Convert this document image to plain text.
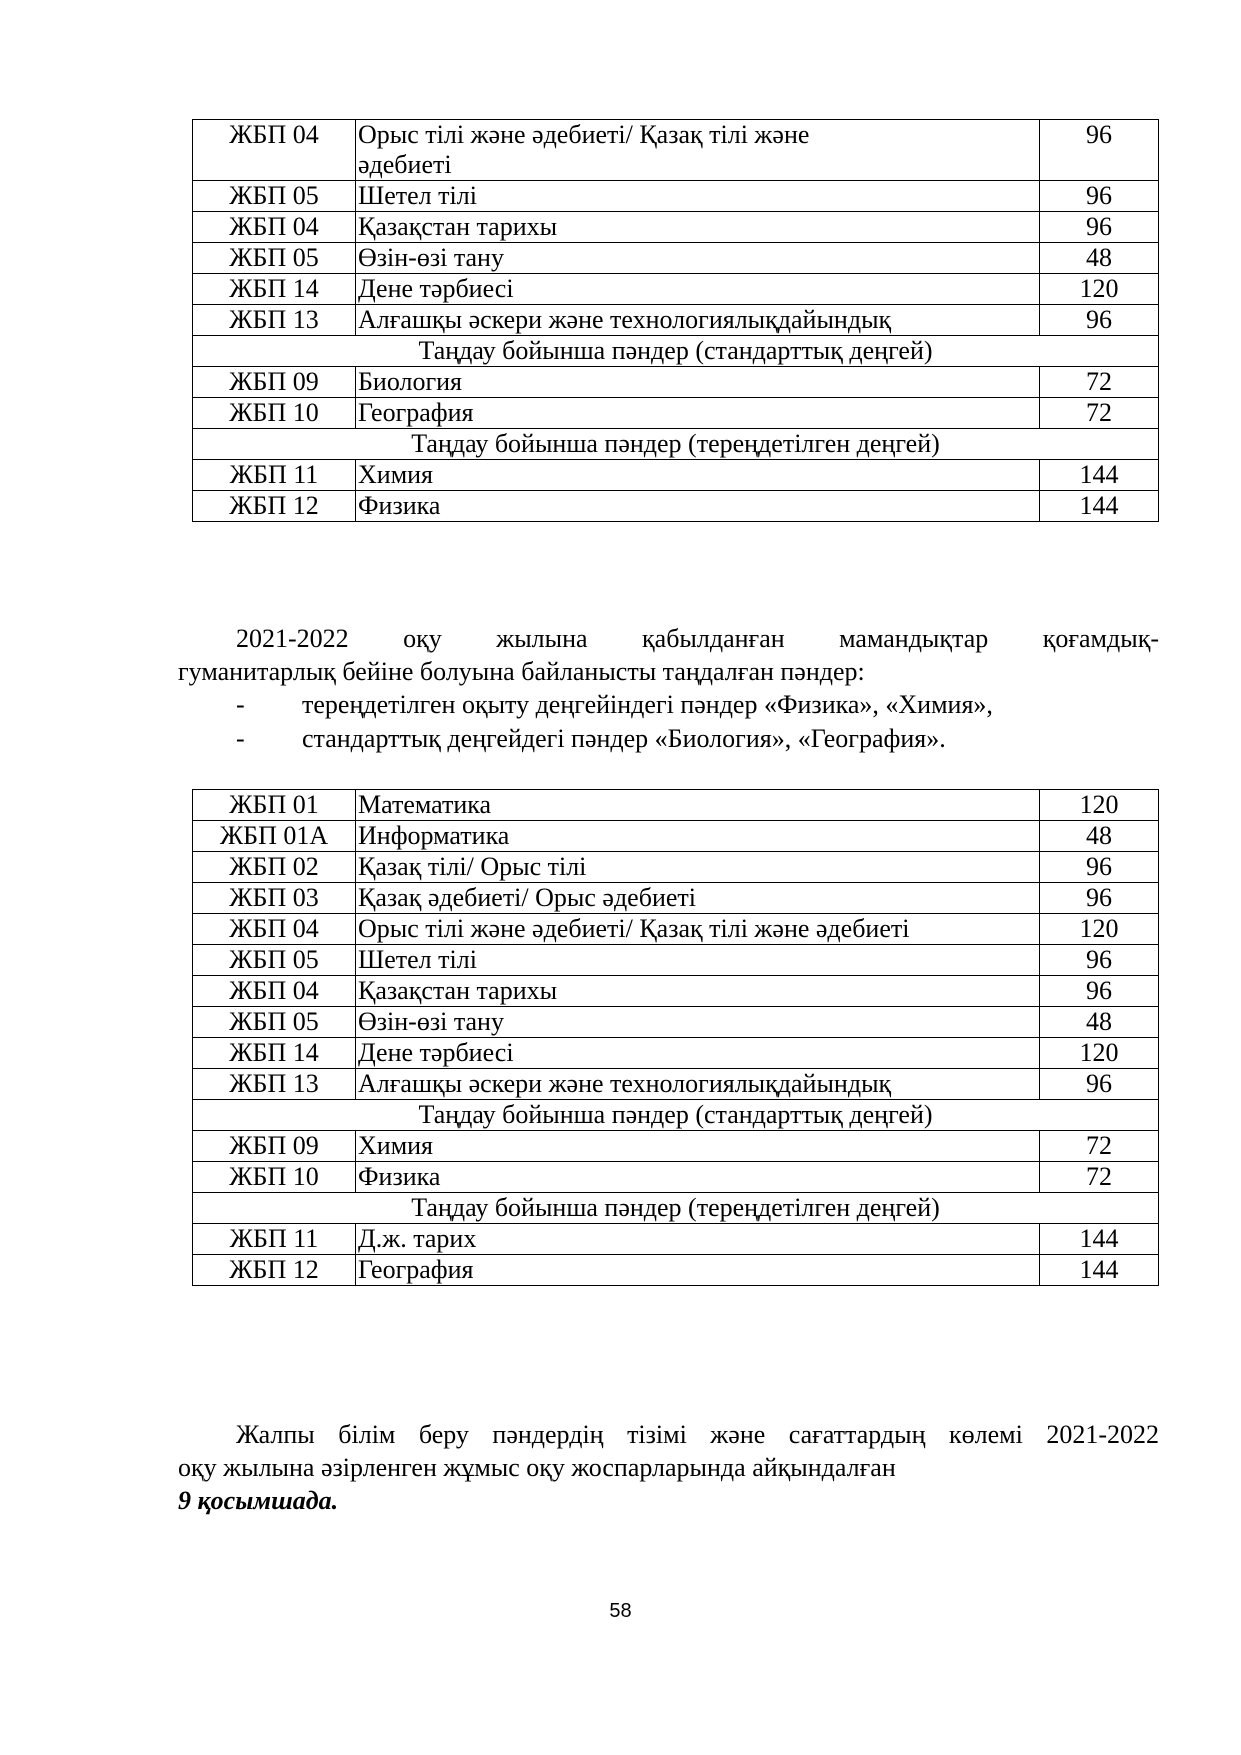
ЖБП 04	Орыс тілі және әдебиеті/ Қазақ тілі және әдебиеті	96
ЖБП 05	Шетел тілі	96
ЖБП 04	Қазақстан тарихы	96
ЖБП 05	Өзін-өзі тану	48
ЖБП 14	Дене тәрбиесі	120
ЖБП 13	Алғашқы әскери және технологиялықдайындық	96
Таңдау бойынша пәндер (стандарттық деңгей)		
ЖБП 09	Биология	72
ЖБП 10	География	72
Таңдау бойынша пәндер (тереңдетілген деңгей)		
ЖБП 11	Химия	144
ЖБП 12	Физика	144
2021-2022 оқу жылына қабылданған мамандықтар қоғамдық-
гуманитарлық бейіне болуына байланысты таңдалған пәндер:
- тереңдетілген оқыту деңгейіндегі пәндер «Физика», «Химия»,
- стандарттық деңгейдегі пәндер «Биология», «География».
ЖБП 01	Математика	120
ЖБП 01А	Информатика	48
ЖБП 02	Қазақ тілі/ Орыс тілі	96
ЖБП 03	Қазақ әдебиеті/ Орыс әдебиеті	96
ЖБП 04	Орыс тілі және әдебиеті/ Қазақ тілі және әдебиеті	120
ЖБП 05	Шетел тілі	96
ЖБП 04	Қазақстан тарихы	96
ЖБП 05	Өзін-өзі тану	48
ЖБП 14	Дене тәрбиесі	120
ЖБП 13	Алғашқы әскери және технологиялықдайындық	96
Таңдау бойынша пәндер (стандарттық деңгей)		
ЖБП 09	Химия	72
ЖБП 10	Физика	72
Таңдау бойынша пәндер (тереңдетілген деңгей)		
ЖБП 11	Д.ж. тарих	144
ЖБП 12	География	144
Жалпы білім беру пәндердің тізімі және сағаттардың көлемі 2021-2022
оқу жылына әзірленген жұмыс оқу жоспарларында айқындалған
9 қосымшада.
58
